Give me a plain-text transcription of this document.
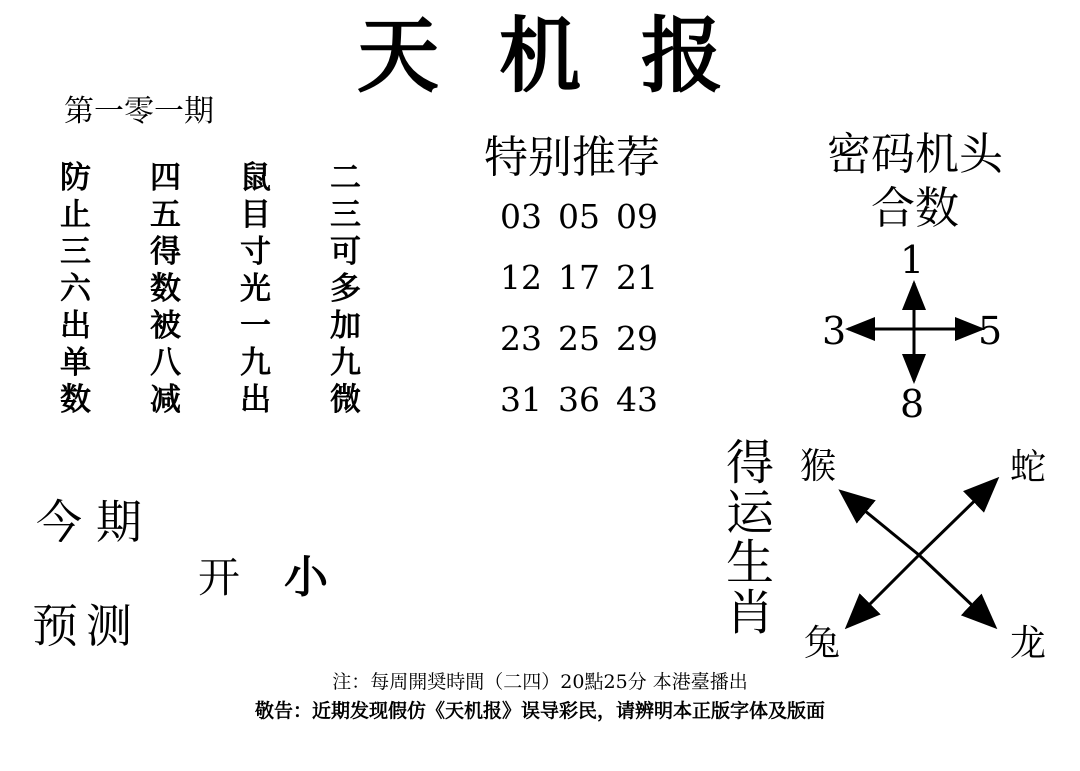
天机报
第一零一期
防	四	鼠	二
止	五	目	三
三	得	寸	可
六	数	光	多
出	被	一	加
单	八	九	九
数	减	出	微
特别推荐
03 05 09
12 17 21
23 25 29
31 36 43
密码机头
合数
1
3	5
8
今期
开 小
预测
得运生肖
猴	蛇
兔	龙
注：每周開奨時間（二四）20點25分 本港臺播出
敬告：近期发现假仿《天机报》误导彩民，请辨明本正版字体及版面
